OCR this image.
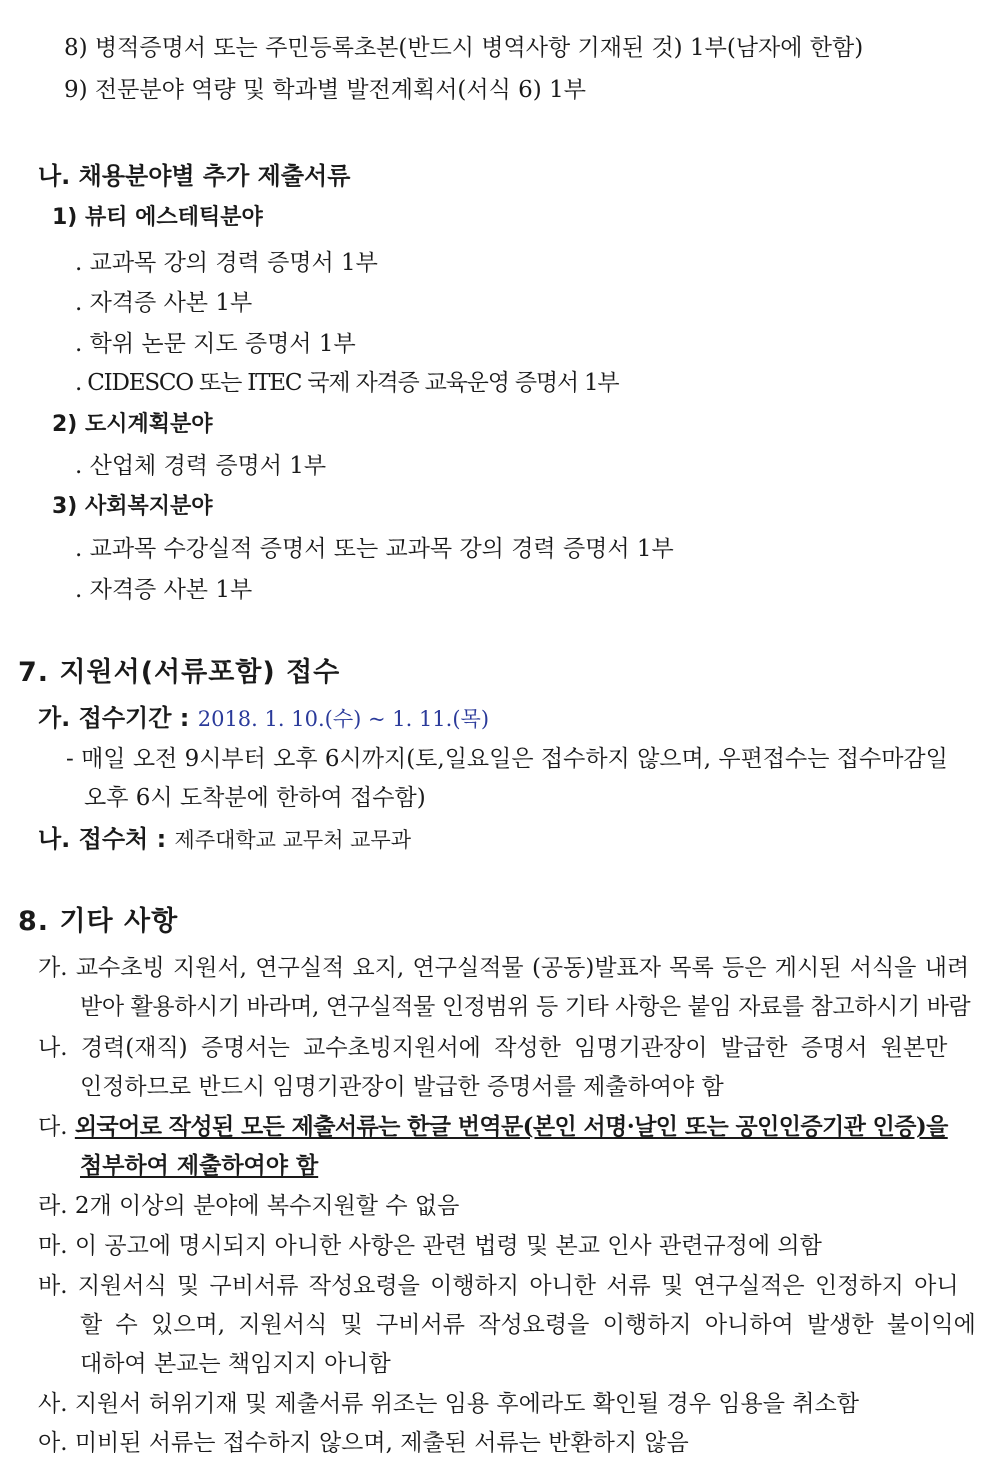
8) 병적증명서 또는 주민등록초본(반드시 병역사항 기재된 것) 1부(남자에 한함)
9) 전문분야 역량 및 학과별 발전계획서(서식 6) 1부
나. 채용분야별 추가 제출서류
1) 뷰티 에스테틱분야
. 교과목 강의 경력 증명서 1부
. 자격증 사본 1부
. 학위 논문 지도 증명서 1부
. CIDESCO 또는 ITEC 국제 자격증 교육운영 증명서 1부
2) 도시계획분야
. 산업체 경력 증명서 1부
3) 사회복지분야
. 교과목 수강실적 증명서 또는 교과목 강의 경력 증명서 1부
. 자격증 사본 1부
7. 지원서(서류포함) 접수
가. 접수기간 : 2018. 1. 10.(수) ~ 1. 11.(목)
- 매일 오전 9시부터 오후 6시까지(토,일요일은 접수하지 않으며, 우편접수는 접수마감일
오후 6시 도착분에 한하여 접수함)
나. 접수처 : 제주대학교 교무처 교무과
8. 기타 사항
가. 교수초빙 지원서, 연구실적 요지, 연구실적물 (공동)발표자 목록 등은 게시된 서식을 내려
받아 활용하시기 바라며, 연구실적물 인정범위 등 기타 사항은 붙임 자료를 참고하시기 바람
나. 경력(재직) 증명서는 교수초빙지원서에 작성한 임명기관장이 발급한 증명서 원본만
인정하므로 반드시 임명기관장이 발급한 증명서를 제출하여야 함
다. 외국어로 작성된 모든 제출서류는 한글 번역문(본인 서명·날인 또는 공인인증기관 인증)을
첨부하여 제출하여야 함
라. 2개 이상의 분야에 복수지원할 수 없음
마. 이 공고에 명시되지 아니한 사항은 관련 법령 및 본교 인사 관련규정에 의함
바. 지원서식 및 구비서류 작성요령을 이행하지 아니한 서류 및 연구실적은 인정하지 아니
할 수 있으며, 지원서식 및 구비서류 작성요령을 이행하지 아니하여 발생한 불이익에
대하여 본교는 책임지지 아니함
사. 지원서 허위기재 및 제출서류 위조는 임용 후에라도 확인될 경우 임용을 취소함
아. 미비된 서류는 접수하지 않으며, 제출된 서류는 반환하지 않음
